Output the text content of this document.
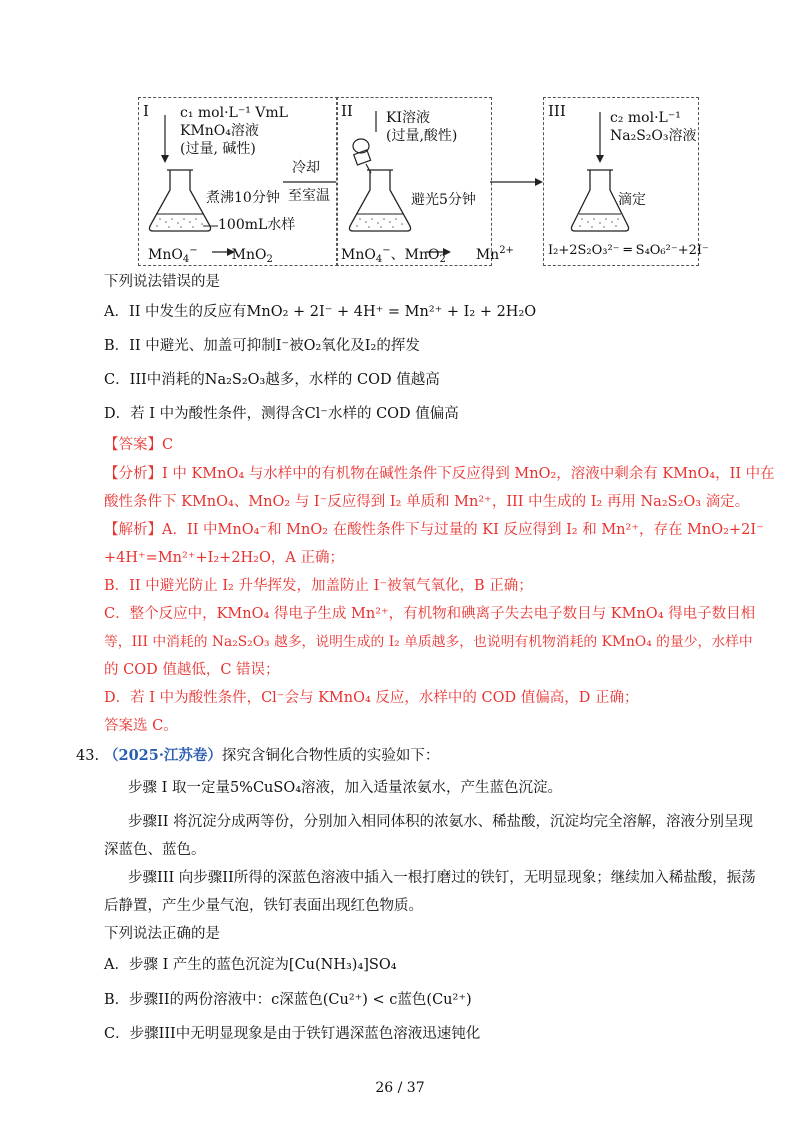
I c₁ mol·L⁻¹ VmL
KMnO₄溶液
(过量, 碱性)
煮沸10分钟
100mL水样
MnO$_4$− MnO$_2$
冷却
至室温
II KI溶液
(过量,酸性)
避光5分钟
MnO$_4$−、MnO$_2$ $Mn^{2+}$
III	c₂ mol·L⁻¹
Na₂S₂O₃溶液
滴定
I₂+2S₂O₃²⁻ ═ S₄O₆²⁻+2I⁻
下列说法错误的是
A．II 中发生的反应有MnO₂ + 2I⁻ + 4H⁺ = Mn²⁺ + I₂ + 2H₂O
B．II 中避光、加盖可抑制I⁻被O₂氧化及I₂的挥发
C．III中消耗的Na₂S₂O₃越多，水样的 COD 值越高
D．若 I 中为酸性条件，测得含Cl⁻水样的 COD 值偏高
【答案】C
【分析】I 中 KMnO₄ 与水样中的有机物在碱性条件下反应得到 MnO₂，溶液中剩余有 KMnO₄，II 中在
酸性条件下 KMnO₄、MnO₂ 与 I⁻反应得到 I₂ 单质和 Mn²⁺，III 中生成的 I₂ 再用 Na₂S₂O₃ 滴定。
【解析】A．II 中MnO₄⁻和 MnO₂ 在酸性条件下与过量的 KI 反应得到 I₂ 和 Mn²⁺，存在 MnO₂+2I⁻
+4H⁺=Mn²⁺+I₂+2H₂O，A 正确；
B．II 中避光防止 I₂ 升华挥发，加盖防止 I⁻被氧气氧化，B 正确；
C．整个反应中，KMnO₄ 得电子生成 Mn²⁺，有机物和碘离子失去电子数目与 KMnO₄ 得电子数目相
等，III 中消耗的 Na₂S₂O₃ 越多，说明生成的 I₂ 单质越多，也说明有机物消耗的 KMnO₄ 的量少，水样中
的 COD 值越低，C 错误；
D．若 I 中为酸性条件，Cl⁻会与 KMnO₄ 反应，水样中的 COD 值偏高，D 正确；
答案选 C。
43. （2025·江苏卷）探究含铜化合物性质的实验如下：
步骤 I 取一定量5%CuSO₄溶液，加入适量浓氨水，产生蓝色沉淀。
步骤II 将沉淀分成两等份，分别加入相同体积的浓氨水、稀盐酸，沉淀均完全溶解，溶液分别呈现
深蓝色、蓝色。
步骤III 向步骤II所得的深蓝色溶液中插入一根打磨过的铁钉，无明显现象；继续加入稀盐酸，振荡
后静置，产生少量气泡，铁钉表面出现红色物质。
下列说法正确的是
A．步骤 I 产生的蓝色沉淀为[Cu(NH₃)₄]SO₄
B．步骤II的两份溶液中：c深蓝色(Cu²⁺) < c蓝色(Cu²⁺)
C．步骤III中无明显现象是由于铁钉遇深蓝色溶液迅速钝化
26 / 37
